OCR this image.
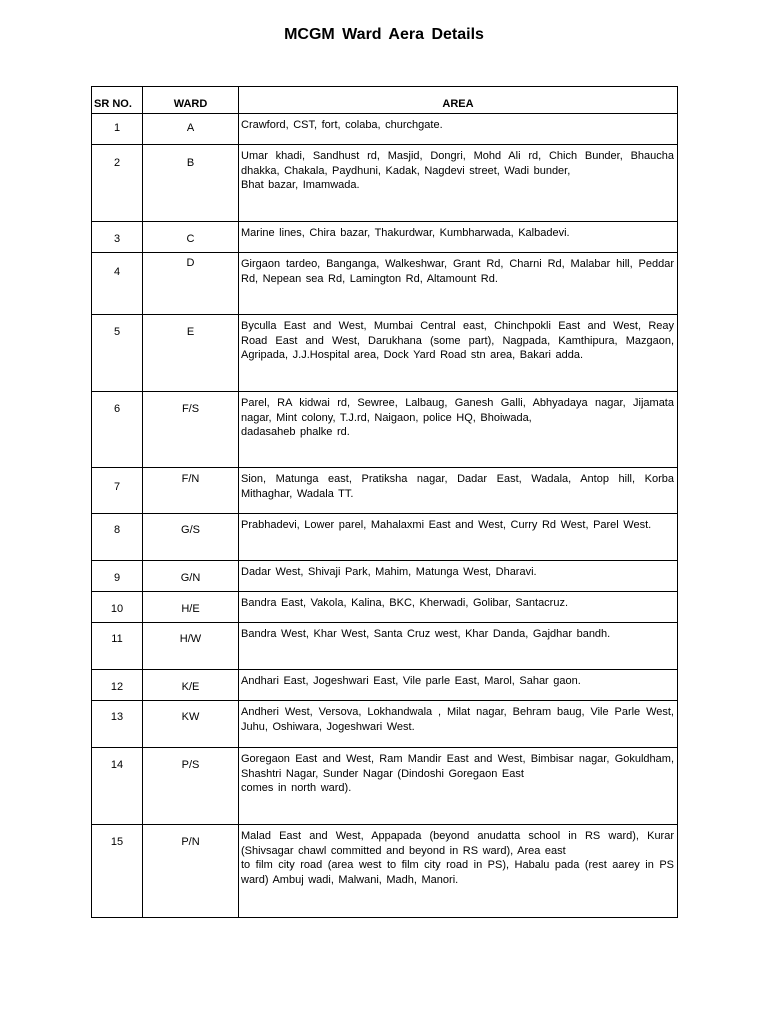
MCGM Ward Aera Details
SR NO.	WARD	AREA
1	A	Crawford, CST, fort, colaba, churchgate.

2	B	Umar khadi, Sandhust rd, Masjid, Dongri, Mohd Ali rd, Chich Bunder, Bhaucha dhakka, Chakala, Paydhuni, Kadak, Nagdevi street, Wadi bunder,
Bhat bazar, Imamwada.

3	C	Marine lines, Chira bazar, Thakurdwar, Kumbharwada, Kalbadevi.

4	D	Girgaon tardeo, Banganga, Walkeshwar, Grant Rd, Charni Rd, Malabar hill, Peddar Rd, Nepean sea Rd, Lamington Rd, Altamount Rd.

5	E	Byculla East and West, Mumbai Central east, Chinchpokli East and West, Reay Road East and West, Darukhana (some part), Nagpada, Kamthipura, Mazgaon, Agripada, J.J.Hospital area, Dock Yard Road stn area, Bakari adda.

6	F/S	Parel, RA kidwai rd, Sewree, Lalbaug, Ganesh Galli, Abhyadaya nagar, Jijamata nagar, Mint colony, T.J.rd, Naigaon, police HQ, Bhoiwada,
dadasaheb phalke rd.

7	F/N	Sion, Matunga east, Pratiksha nagar, Dadar East, Wadala, Antop hill, Korba Mithaghar, Wadala TT.

8	G/S	Prabhadevi, Lower parel, Mahalaxmi East and West, Curry Rd West, Parel West.

9	G/N	Dadar West, Shivaji Park, Mahim, Matunga West, Dharavi.

10	H/E	Bandra East, Vakola, Kalina, BKC, Kherwadi, Golibar, Santacruz.

11	H/W	Bandra West, Khar West, Santa Cruz west, Khar Danda, Gajdhar bandh.

12	K/E	Andhari East, Jogeshwari East, Vile parle East, Marol, Sahar gaon.

13	KW	Andheri West, Versova, Lokhandwala , Milat nagar, Behram baug, Vile Parle West, Juhu, Oshiwara, Jogeshwari West.

14	P/S	Goregaon East and West, Ram Mandir East and West, Bimbisar nagar, Gokuldham, Shashtri Nagar, Sunder Nagar (Dindoshi Goregaon East
comes in north ward).

15	P/N	Malad East and West, Appapada (beyond anudatta school in RS ward), Kurar (Shivsagar chawl committed and beyond in RS ward), Area east
to film city road (area west to film city road in PS), Habalu pada (rest aarey in PS ward) Ambuj wadi, Malwani, Madh, Manori.
